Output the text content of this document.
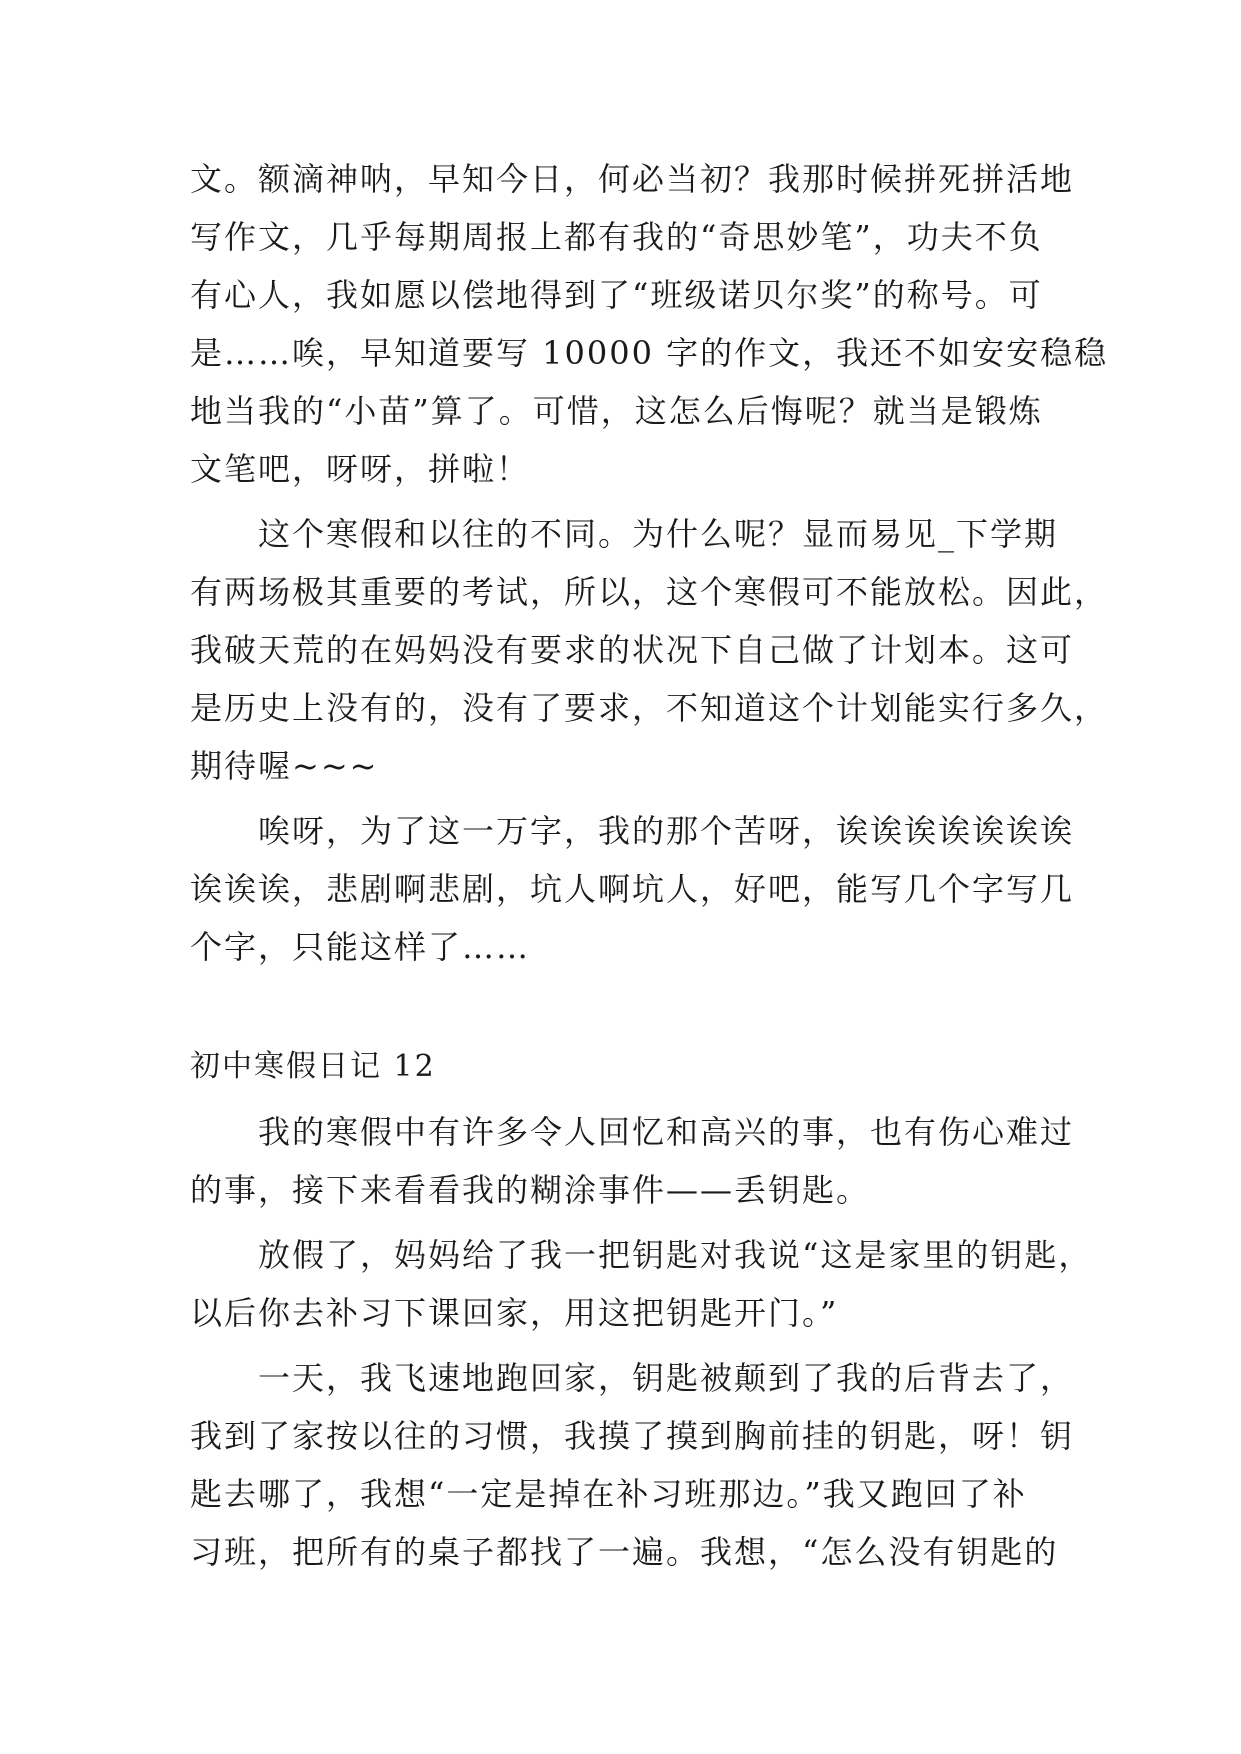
文。额滴神呐，早知今日，何必当初？我那时候拼死拼活地
写作文，几乎每期周报上都有我的“奇思妙笔”，功夫不负
有心人，我如愿以偿地得到了“班级诺贝尔奖”的称号。可
是……唉，早知道要写 10000 字的作文，我还不如安安稳稳
地当我的“小苗”算了。可惜，这怎么后悔呢？就当是锻炼
文笔吧，呀呀，拼啦！
这个寒假和以往的不同。为什么呢？显而易见_下学期
有两场极其重要的考试，所以，这个寒假可不能放松。因此，
我破天荒的在妈妈没有要求的状况下自己做了计划本。这可
是历史上没有的，没有了要求，不知道这个计划能实行多久，
期待喔~~~
唉呀，为了这一万字，我的那个苦呀，诶诶诶诶诶诶诶
诶诶诶，悲剧啊悲剧，坑人啊坑人，好吧，能写几个字写几
个字，只能这样了……
初中寒假日记 12
我的寒假中有许多令人回忆和高兴的事，也有伤心难过
的事，接下来看看我的糊涂事件——丢钥匙。
放假了，妈妈给了我一把钥匙对我说“这是家里的钥匙，
以后你去补习下课回家，用这把钥匙开门。”
一天，我飞速地跑回家，钥匙被颠到了我的后背去了，
我到了家按以往的习惯，我摸了摸到胸前挂的钥匙，呀！钥
匙去哪了，我想“一定是掉在补习班那边。”我又跑回了补
习班，把所有的桌子都找了一遍。我想，“怎么没有钥匙的
